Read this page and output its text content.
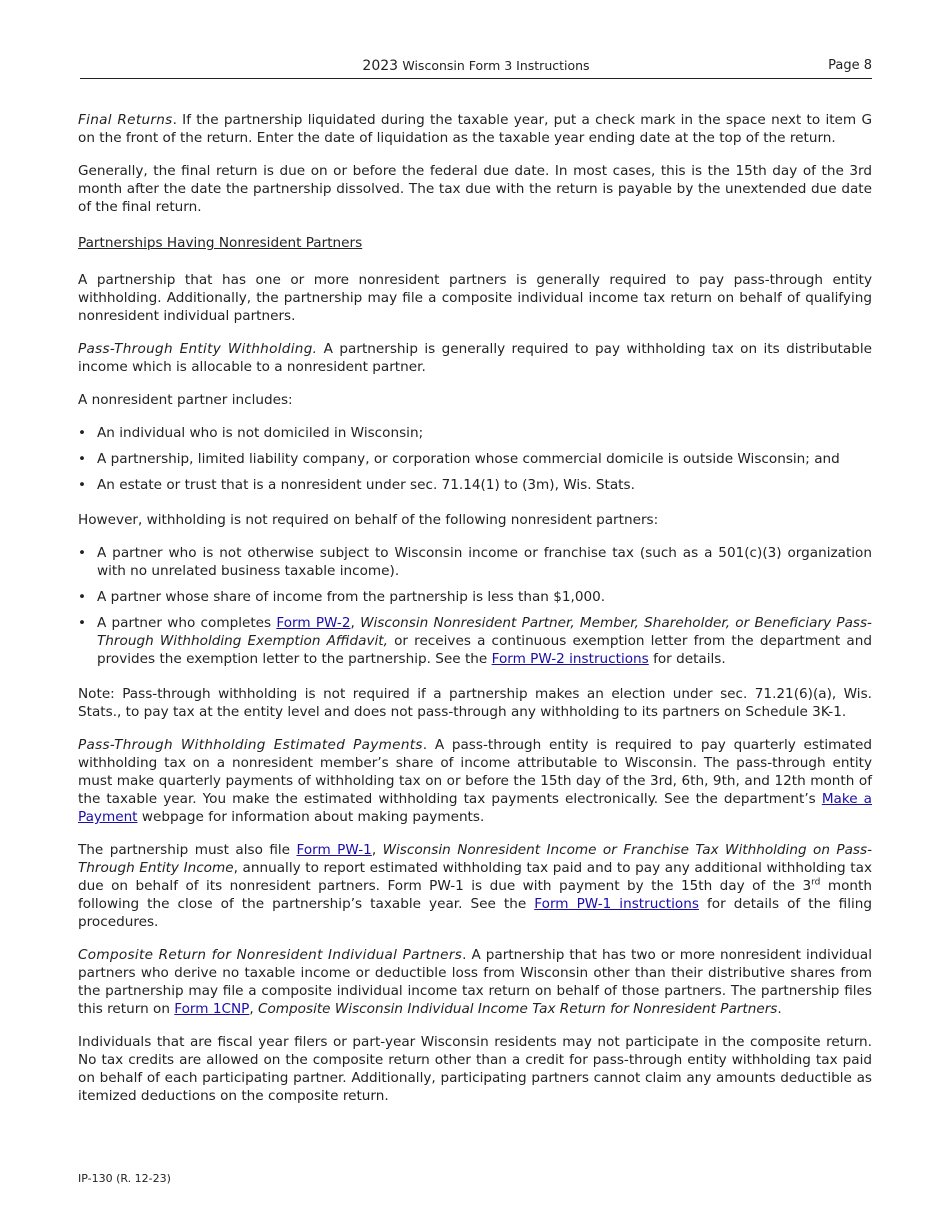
2023 Wisconsin Form 3 Instructions	Page 8

Final Returns. If the partnership liquidated during the taxable year, put a check mark in the space next to item G on the front of the return. Enter the date of liquidation as the taxable year ending date at the top of the return.

Generally, the final return is due on or before the federal due date. In most cases, this is the 15th day of the 3rd month after the date the partnership dissolved. The tax due with the return is payable by the unextended due date of the final return.

Partnerships Having Nonresident Partners

A partnership that has one or more nonresident partners is generally required to pay pass-through entity withholding. Additionally, the partnership may file a composite individual income tax return on behalf of qualifying nonresident individual partners.

Pass-Through Entity Withholding. A partnership is generally required to pay withholding tax on its distributable income which is allocable to a nonresident partner.

A nonresident partner includes:

• An individual who is not domiciled in Wisconsin;
• A partnership, limited liability company, or corporation whose commercial domicile is outside Wisconsin; and
• An estate or trust that is a nonresident under sec. 71.14(1) to (3m), Wis. Stats.

However, withholding is not required on behalf of the following nonresident partners:

• A partner who is not otherwise subject to Wisconsin income or franchise tax (such as a 501(c)(3) organization with no unrelated business taxable income).
• A partner whose share of income from the partnership is less than $1,000.
• A partner who completes Form PW-2, Wisconsin Nonresident Partner, Member, Shareholder, or Beneficiary Pass-Through Withholding Exemption Affidavit, or receives a continuous exemption letter from the department and provides the exemption letter to the partnership. See the Form PW-2 instructions for details.

Note: Pass-through withholding is not required if a partnership makes an election under sec. 71.21(6)(a), Wis. Stats., to pay tax at the entity level and does not pass-through any withholding to its partners on Schedule 3K-1.

Pass-Through Withholding Estimated Payments. A pass-through entity is required to pay quarterly estimated withholding tax on a nonresident member’s share of income attributable to Wisconsin. The pass-through entity must make quarterly payments of withholding tax on or before the 15th day of the 3rd, 6th, 9th, and 12th month of the taxable year. You make the estimated withholding tax payments electronically. See the department’s Make a Payment webpage for information about making payments.

The partnership must also file Form PW-1, Wisconsin Nonresident Income or Franchise Tax Withholding on Pass-Through Entity Income, annually to report estimated withholding tax paid and to pay any additional withholding tax due on behalf of its nonresident partners. Form PW-1 is due with payment by the 15th day of the 3rd month following the close of the partnership’s taxable year. See the Form PW-1 instructions for details of the filing procedures.

Composite Return for Nonresident Individual Partners. A partnership that has two or more nonresident individual partners who derive no taxable income or deductible loss from Wisconsin other than their distributive shares from the partnership may file a composite individual income tax return on behalf of those partners. The partnership files this return on Form 1CNP, Composite Wisconsin Individual Income Tax Return for Nonresident Partners.

Individuals that are fiscal year filers or part-year Wisconsin residents may not participate in the composite return. No tax credits are allowed on the composite return other than a credit for pass-through entity withholding tax paid on behalf of each participating partner. Additionally, participating partners cannot claim any amounts deductible as itemized deductions on the composite return.

IP-130 (R. 12-23)
